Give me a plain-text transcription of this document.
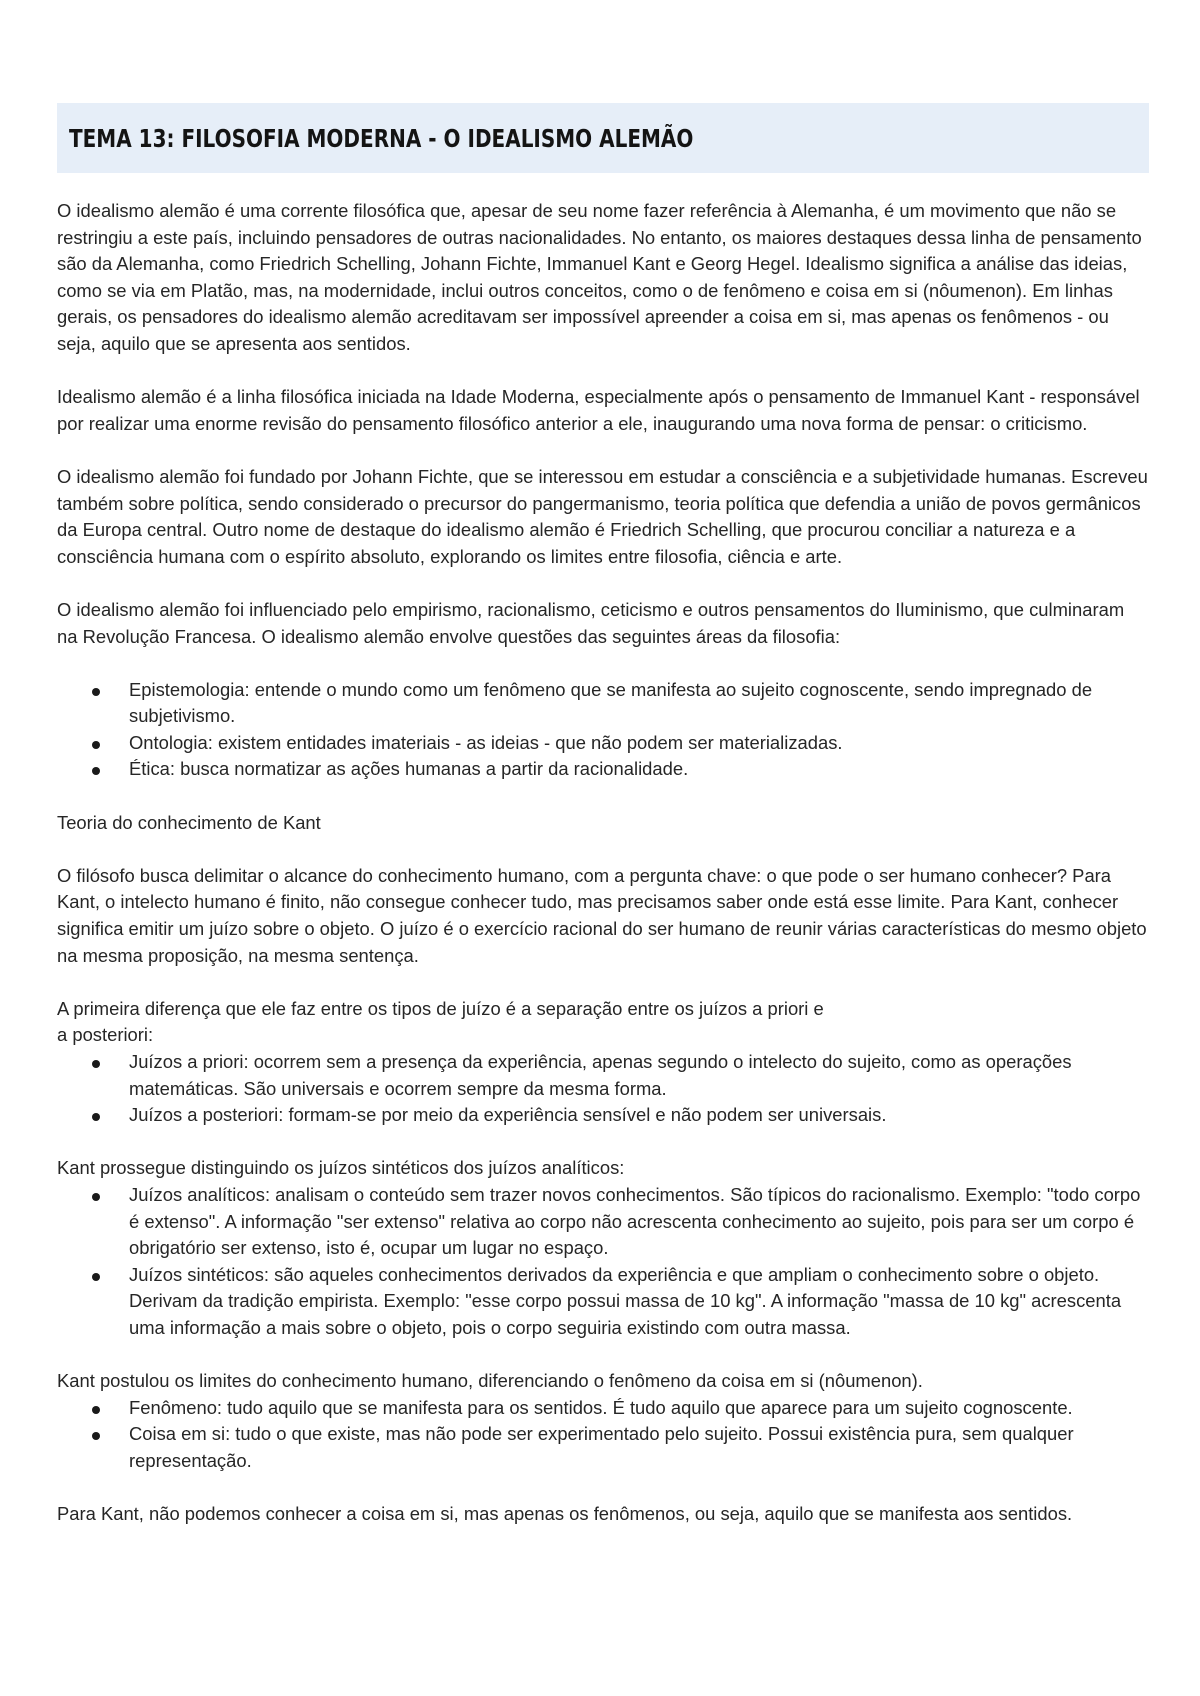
TEMA 13: FILOSOFIA MODERNA - O IDEALISMO ALEMÃO

O idealismo alemão é uma corrente filosófica que, apesar de seu nome fazer referência à Alemanha, é um movimento que não se restringiu a este país, incluindo pensadores de outras nacionalidades. No entanto, os maiores destaques dessa linha de pensamento são da Alemanha, como Friedrich Schelling, Johann Fichte, Immanuel Kant e Georg Hegel. Idealismo significa a análise das ideias, como se via em Platão, mas, na modernidade, inclui outros conceitos, como o de fenômeno e coisa em si (nôumenon). Em linhas gerais, os pensadores do idealismo alemão acreditavam ser impossível apreender a coisa em si, mas apenas os fenômenos - ou seja, aquilo que se apresenta aos sentidos.

Idealismo alemão é a linha filosófica iniciada na Idade Moderna, especialmente após o pensamento de Immanuel Kant - responsável por realizar uma enorme revisão do pensamento filosófico anterior a ele, inaugurando uma nova forma de pensar: o criticismo.

O idealismo alemão foi fundado por Johann Fichte, que se interessou em estudar a consciência e a subjetividade humanas. Escreveu também sobre política, sendo considerado o precursor do pangermanismo, teoria política que defendia a união de povos germânicos da Europa central. Outro nome de destaque do idealismo alemão é Friedrich Schelling, que procurou conciliar a natureza e a consciência humana com o espírito absoluto, explorando os limites entre filosofia, ciência e arte.

O idealismo alemão foi influenciado pelo empirismo, racionalismo, ceticismo e outros pensamentos do Iluminismo, que culminaram na Revolução Francesa. O idealismo alemão envolve questões das seguintes áreas da filosofia:

Epistemologia: entende o mundo como um fenômeno que se manifesta ao sujeito cognoscente, sendo impregnado de subjetivismo.
Ontologia: existem entidades imateriais - as ideias - que não podem ser materializadas.
Ética: busca normatizar as ações humanas a partir da racionalidade.

Teoria do conhecimento de Kant

O filósofo busca delimitar o alcance do conhecimento humano, com a pergunta chave: o que pode o ser humano conhecer? Para Kant, o intelecto humano é finito, não consegue conhecer tudo, mas precisamos saber onde está esse limite. Para Kant, conhecer significa emitir um juízo sobre o objeto. O juízo é o exercício racional do ser humano de reunir várias características do mesmo objeto na mesma proposição, na mesma sentença.

A primeira diferença que ele faz entre os tipos de juízo é a separação entre os juízos a priori e
a posteriori:

Juízos a priori: ocorrem sem a presença da experiência, apenas segundo o intelecto do sujeito, como as operações matemáticas. São universais e ocorrem sempre da mesma forma.
Juízos a posteriori: formam-se por meio da experiência sensível e não podem ser universais.

Kant prossegue distinguindo os juízos sintéticos dos juízos analíticos:

Juízos analíticos: analisam o conteúdo sem trazer novos conhecimentos. São típicos do racionalismo. Exemplo: "todo corpo é extenso". A informação "ser extenso" relativa ao corpo não acrescenta conhecimento ao sujeito, pois para ser um corpo é obrigatório ser extenso, isto é, ocupar um lugar no espaço.
Juízos sintéticos: são aqueles conhecimentos derivados da experiência e que ampliam o conhecimento sobre o objeto. Derivam da tradição empirista. Exemplo: "esse corpo possui massa de 10 kg". A informação "massa de 10 kg" acrescenta uma informação a mais sobre o objeto, pois o corpo seguiria existindo com outra massa.

Kant postulou os limites do conhecimento humano, diferenciando o fenômeno da coisa em si (nôumenon).

Fenômeno: tudo aquilo que se manifesta para os sentidos. É tudo aquilo que aparece para um sujeito cognoscente.
Coisa em si: tudo o que existe, mas não pode ser experimentado pelo sujeito. Possui existência pura, sem qualquer representação.

Para Kant, não podemos conhecer a coisa em si, mas apenas os fenômenos, ou seja, aquilo que se manifesta aos sentidos.
